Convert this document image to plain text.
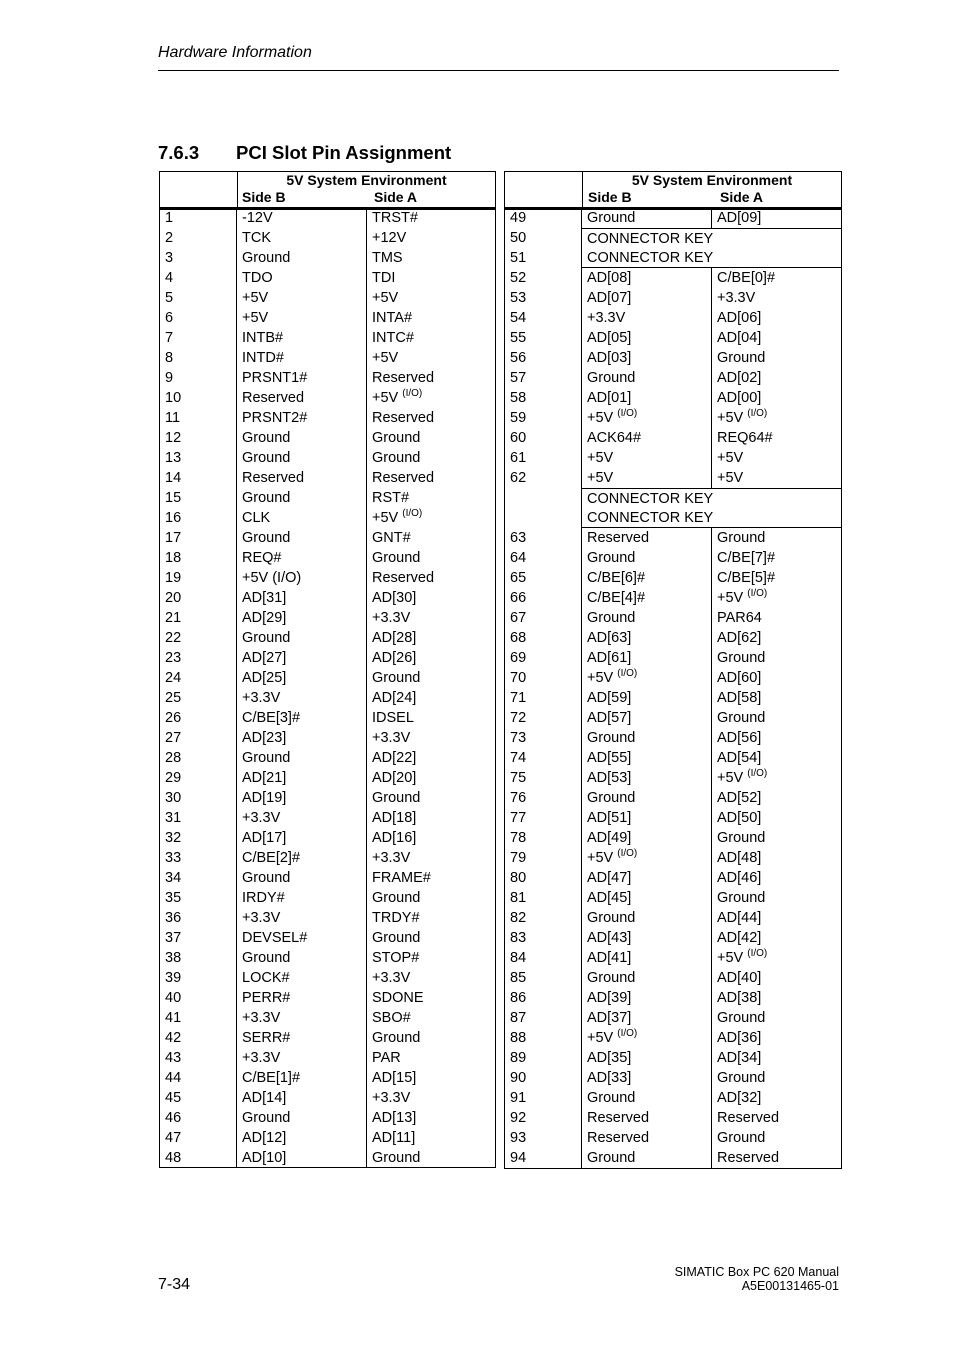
Hardware Information
7.6.3 PCI Slot Pin Assignment
5V System Environment
Side B	Side A
1	-12V	TRST#
2	TCK	+12V
3	Ground	TMS
4	TDO	TDI
5	+5V	+5V
6	+5V	INTA#
7	INTB#	INTC#
8	INTD#	+5V
9	PRSNT1#	Reserved
10	Reserved	+5V $^{(I/O)}$
11	PRSNT2#	Reserved
12	Ground	Ground
13	Ground	Ground
14	Reserved	Reserved
15	Ground	RST#
16	CLK	+5V $^{(I/O)}$
17	Ground	GNT#
18	REQ#	Ground
19	+5V (I/O)	Reserved
20	AD[31]	AD[30]
21	AD[29]	+3.3V
22	Ground	AD[28]
23	AD[27]	AD[26]
24	AD[25]	Ground
25	+3.3V	AD[24]
26	C/BE[3]#	IDSEL
27	AD[23]	+3.3V
28	Ground	AD[22]
29	AD[21]	AD[20]
30	AD[19]	Ground
31	+3.3V	AD[18]
32	AD[17]	AD[16]
33	C/BE[2]#	+3.3V
34	Ground	FRAME#
35	IRDY#	Ground
36	+3.3V	TRDY#
37	DEVSEL#	Ground
38	Ground	STOP#
39	LOCK#	+3.3V
40	PERR#	SDONE
41	+3.3V	SBO#
42	SERR#	Ground
43	+3.3V	PAR
44	C/BE[1]#	AD[15]
45	AD[14]	+3.3V
46	Ground	AD[13]
47	AD[12]	AD[11]
48	AD[10]	Ground
5V System Environment
Side B	Side A
49	Ground	AD[09]
50	CONNECTOR KEY
51	CONNECTOR KEY
52	AD[08]	C/BE[0]#
53	AD[07]	+3.3V
54	+3.3V	AD[06]
55	AD[05]	AD[04]
56	AD[03]	Ground
57	Ground	AD[02]
58	AD[01]	AD[00]
59	+5V $^{(I/O)}$	+5V $^{(I/O)}$
60	ACK64#	REQ64#
61	+5V	+5V
62	+5V	+5V
CONNECTOR KEY
CONNECTOR KEY
63	Reserved	Ground
64	Ground	C/BE[7]#
65	C/BE[6]#	C/BE[5]#
66	C/BE[4]#	+5V $^{(I/O)}$
67	Ground	PAR64
68	AD[63]	AD[62]
69	AD[61]	Ground
70	+5V $^{(I/O)}$	AD[60]
71	AD[59]	AD[58]
72	AD[57]	Ground
73	Ground	AD[56]
74	AD[55]	AD[54]
75	AD[53]	+5V $^{(I/O)}$
76	Ground	AD[52]
77	AD[51]	AD[50]
78	AD[49]	Ground
79	+5V $^{(I/O)}$	AD[48]
80	AD[47]	AD[46]
81	AD[45]	Ground
82	Ground	AD[44]
83	AD[43]	AD[42]
84	AD[41]	+5V $^{(I/O)}$
85	Ground	AD[40]
86	AD[39]	AD[38]
87	AD[37]	Ground
88	+5V $^{(I/O)}$	AD[36]
89	AD[35]	AD[34]
90	AD[33]	Ground
91	Ground	AD[32]
92	Reserved	Reserved
93	Reserved	Ground
94	Ground	Reserved
7-34
SIMATIC Box PC 620 Manual
A5E00131465-01
